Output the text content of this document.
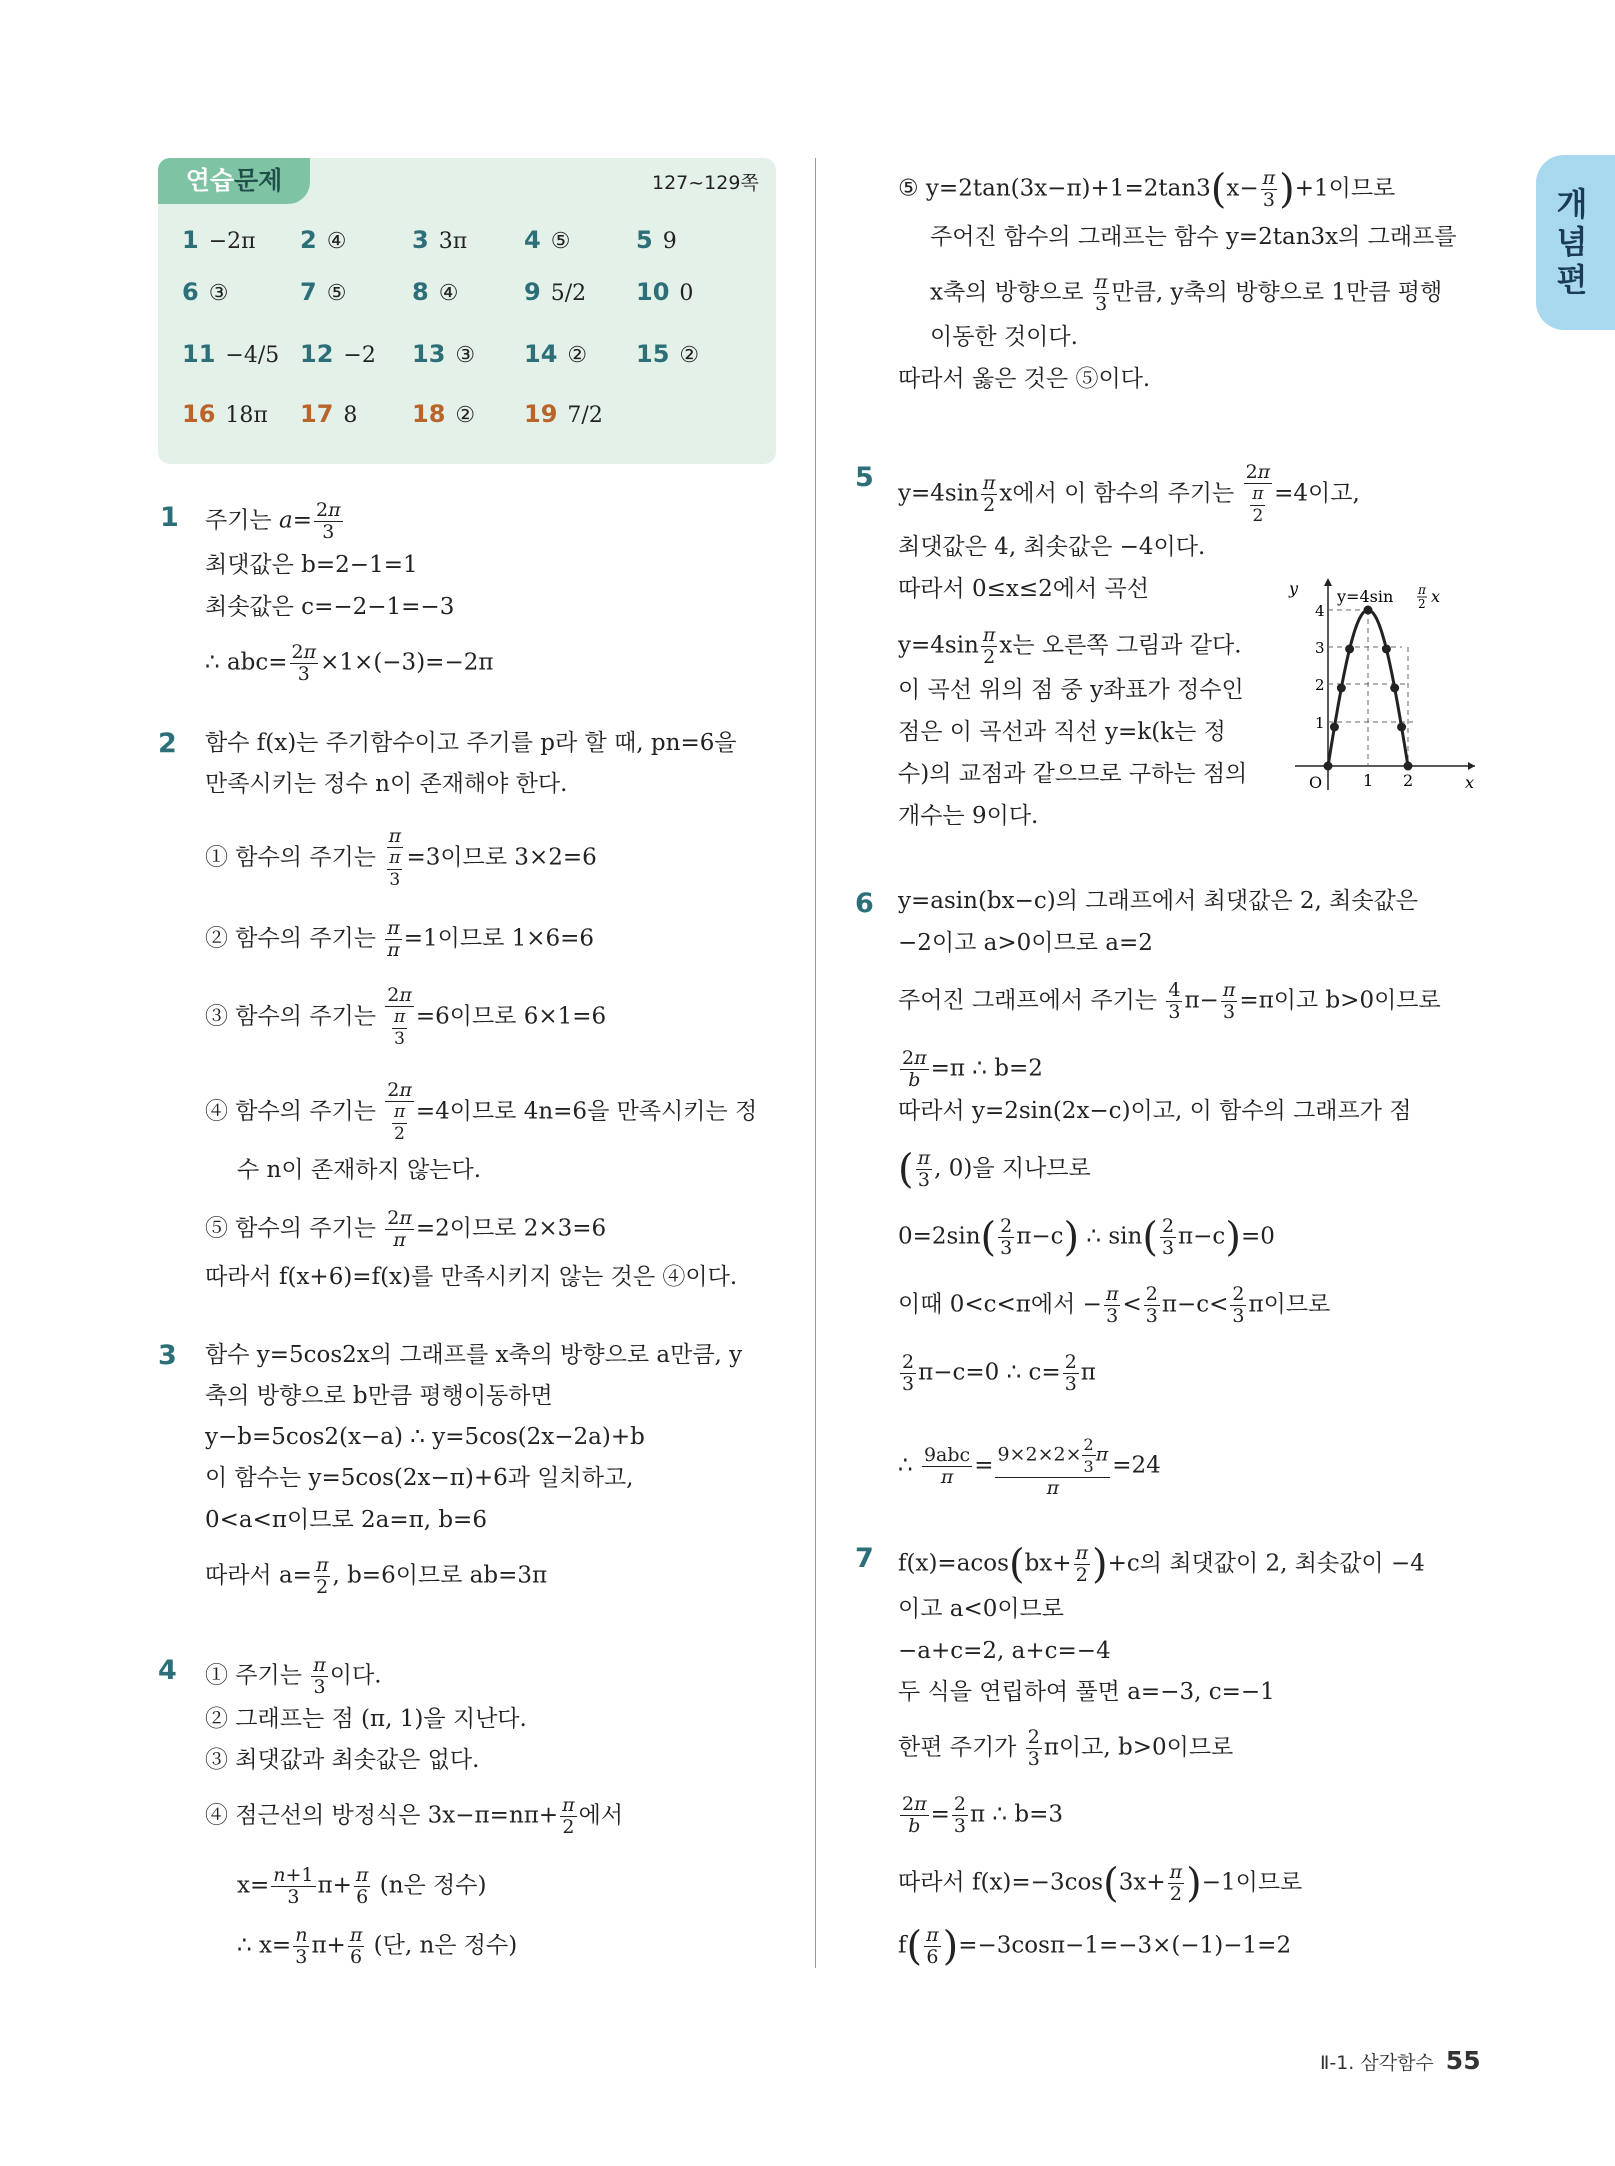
연습문제	127~129쪽
1 −2π 2 ④	3 3π 4 ⑤	5 9
6 ③	7 ⑤	8 ④	9 5/2 10 0
11 −4/5 12 −2 13 ③ 14 ② 15 ②
16 18π 17 8 18 ② 19 7/2
개념편
1 주기는 $a= \frac{2\pi}{3}$
최댓값은 b=2−1=1
최솟값은 c=−2−1=−3
∴ $abc= \frac{2\pi}{3} \times 1\times(-3)=-2\pi$
2 함수 f(x)는 주기함수이고 주기를 p라 할 때, pn=6을
만족시키는 정수 n이 존재해야 한다.
① 함수의 주기는 $\frac{\pi}{\frac{\pi}{3}} =3$이므로 3×2=6
② 함수의 주기는 $\frac{\pi}{\pi} =1$이므로 1×6=6
③ 함수의 주기는 $\frac{2\pi}{\frac{\pi}{3}} =6$이므로 6×1=6
④ 함수의 주기는 $\frac{2\pi}{\frac{\pi}{2}} =4$이므로 4n=6을 만족시키는 정
수 n이 존재하지 않는다.
⑤ 함수의 주기는 $\frac{2\pi}{\pi} =2$이므로 2×3=6
따라서 f(x+6)=f(x)를 만족시키지 않는 것은 ④이다.
3 함수 y=5cos2x의 그래프를 x축의 방향으로 a만큼, y
축의 방향으로 b만큼 평행이동하면
y−b=5cos2(x−a) ∴ y=5cos(2x−2a)+b
이 함수는 y=5cos(2x−π)+6과 일치하고,
0<a<π이므로 2a=π, b=6
따라서 $a= \frac{\pi}{2}$ , b=6이므로 ab=3π
4 ① 주기는 $\frac{\pi}{3}$ 이다.
② 그래프는 점 (π, 1)을 지난다.
③ 최댓값과 최솟값은 없다.
④ 점근선의 방정식은 $3x-\pi=n\pi+ \frac{\pi}{2}$ 에서
$x= \frac{n+1}{3} \pi+ \frac{\pi}{6} (n$은 정수)
∴ $x= \frac{n}{3} \pi+ \frac{\pi}{6}$ (단, n은 정수)
⑤ $y=2\tan(3x-\pi)+1=2\tan 3(x- \frac{\pi}{3} )+1$이므로
주어진 함수의 그래프는 함수 y=2tan3x의 그래프를
x축의 방향으로 $\frac{\pi}{3}$ 만큼, y축의 방향으로 1만큼 평행
이동한 것이다.
따라서 옳은 것은 ⑤이다.
5
$y=4\sin \frac{\pi}{2}$ x에서 이 함수의 주기는 $\frac{2\pi}{\frac{\pi}{2}} =4$이고,
최댓값은 4, 최솟값은 −4이다.
따라서 0≤x≤2에서 곡선
$y=4\sin \frac{\pi}{2}$ x는 오른쪽 그림과 같다.
이 곡선 위의 점 중 y좌표가 정수인
점은 이 곡선과 직선 y=k(k는 정
수)의 교점과 같으므로 구하는 점의
개수는 9이다.
y
x
O	1 2
1
2
3
4
y=4sin π
2 x
6 y=asin(bx−c)의 그래프에서 최댓값은 2, 최솟값은
−2이고 a>0이므로 a=2
주어진 그래프에서 주기는 $\frac{4}{3} \pi- \frac{\pi}{3} =\pi$이고 b>0이므로
$\frac{2\pi}{b} =\pi$ ∴ b=2
따라서 y=2sin(2x−c)이고, 이 함수의 그래프가 점
( $\frac{\pi}{3}$ , 0)을 지나므로
$0=2\sin( \frac{2}{3} \pi-c)$ ∴ $\sin( \frac{2}{3} \pi-c)=0$
이때 0<c<π에서 − $\frac{\pi}{3} < \frac{2}{3} \pi-c< \frac{2}{3}$ π이므로
$\frac{2}{3} \pi-c=0$ ∴ $c= \frac{2}{3}$ π
∴ $\frac{\text{9abc}}{\pi} = \frac{9\times 2\times 2\times \frac{2}{3} \pi}{\pi} =24$
7 $f(x)=acos(bx+ \frac{\pi}{2} )+c$의 최댓값이 2, 최솟값이 −4
이고 a<0이므로
−a+c=2, a+c=−4
두 식을 연립하여 풀면 a=−3, c=−1
한편 주기가 $\frac{2}{3}$ π이고, b>0이므로
$\frac{2\pi}{b} = \frac{2}{3}$ π ∴ b=3
따라서 $f(x)=-3\cos(3x+ \frac{\pi}{2} )-1$이므로
$f( \frac{\pi}{6} )=-3\cos\pi-1=-3\times(-1)-1=2$
Ⅱ-1. 삼각함수 55
